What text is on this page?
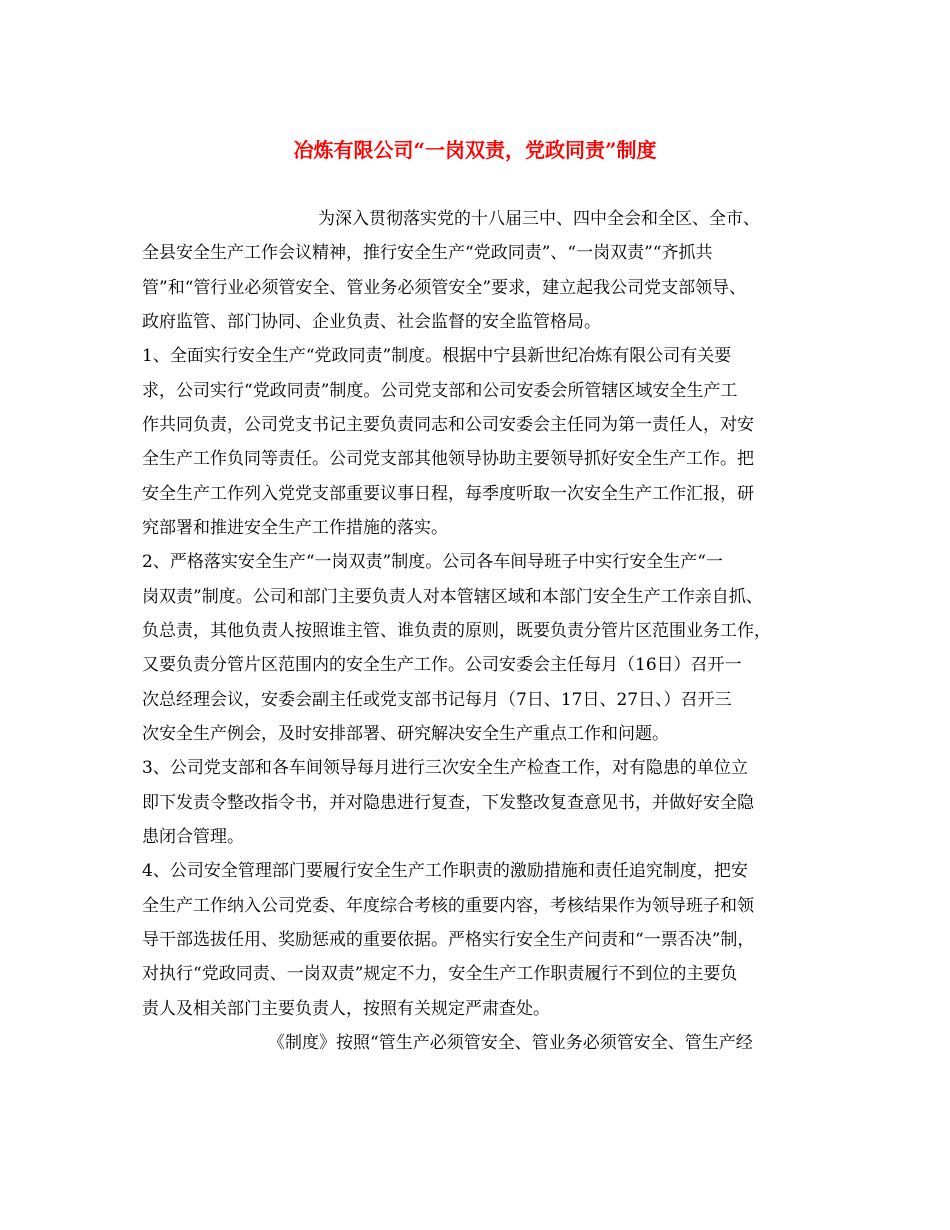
冶炼有限公司“一岗双责，党政同责”制度
为深入贯彻落实党的十八届三中、四中全会和全区、全市、
全县安全生产工作会议精神，推行安全生产“党政同责”、“一岗双责”“齐抓共
管”和“管行业必须管安全、管业务必须管安全”要求，建立起我公司党支部领导、
政府监管、部门协同、企业负责、社会监督的安全监管格局。
1、全面实行安全生产“党政同责”制度。根据中宁县新世纪冶炼有限公司有关要
求，公司实行“党政同责”制度。公司党支部和公司安委会所管辖区域安全生产工
作共同负责，公司党支书记主要负责同志和公司安委会主任同为第一责任人，对安
全生产工作负同等责任。公司党支部其他领导协助主要领导抓好安全生产工作。把
安全生产工作列入党党支部重要议事日程，每季度听取一次安全生产工作汇报，研
究部署和推进安全生产工作措施的落实。
2、严格落实安全生产“一岗双责”制度。公司各车间导班子中实行安全生产“一
岗双责”制度。公司和部门主要负责人对本管辖区域和本部门安全生产工作亲自抓、
负总责，其他负责人按照谁主管、谁负责的原则，既要负责分管片区范围业务工作，
又要负责分管片区范围内的安全生产工作。公司安委会主任每月（16日）召开一
次总经理会议，安委会副主任或党支部书记每月（7日、17日、27日、）召开三
次安全生产例会，及时安排部署、研究解决安全生产重点工作和问题。
3、公司党支部和各车间领导每月进行三次安全生产检查工作，对有隐患的单位立
即下发责令整改指令书，并对隐患进行复查，下发整改复查意见书，并做好安全隐
患闭合管理。
4、公司安全管理部门要履行安全生产工作职责的激励措施和责任追究制度，把安
全生产工作纳入公司党委、年度综合考核的重要内容，考核结果作为领导班子和领
导干部选拔任用、奖励惩戒的重要依据。严格实行安全生产问责和“一票否决”制，
对执行“党政同责、一岗双责”规定不力，安全生产工作职责履行不到位的主要负
责人及相关部门主要负责人，按照有关规定严肃查处。
《制度》按照“管生产必须管安全、管业务必须管安全、管生产经
